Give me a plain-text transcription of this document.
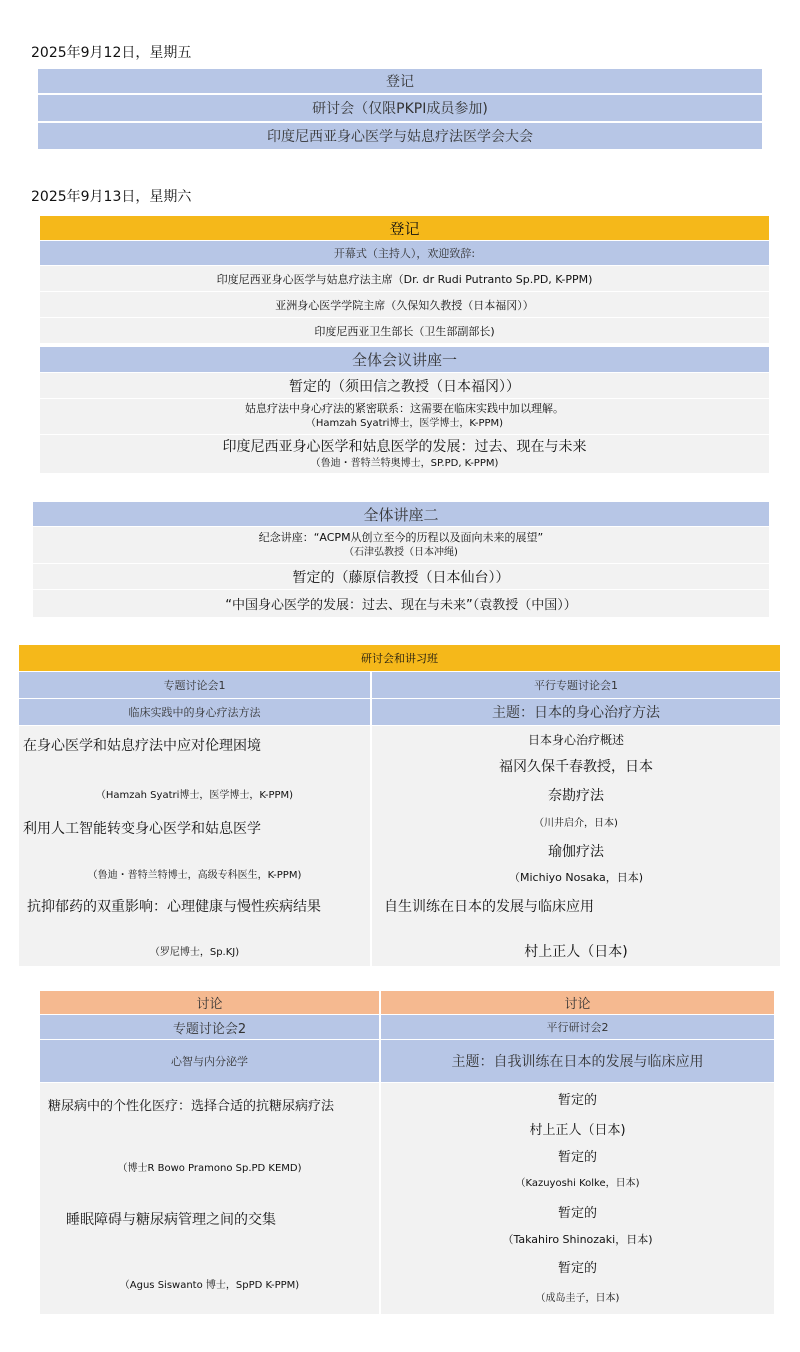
2025年9月12日，星期五
登记
研讨会（仅限PKPI成员参加)
印度尼西亚身心医学与姑息疗法医学会大会
2025年9月13日，星期六
登记
开幕式（主持人），欢迎致辞:
印度尼西亚身心医学与姑息疗法主席（Dr. dr Rudi Putranto Sp.PD, K-PPM)
亚洲身心医学学院主席（久保知久教授（日本福冈））
印度尼西亚卫生部长（卫生部副部长)
全体会议讲座一
暂定的（须田信之教授（日本福冈））
姑息疗法中身心疗法的紧密联系：这需要在临床实践中加以理解。
（Hamzah Syatri博士，医学博士，K-PPM)
印度尼西亚身心医学和姑息医学的发展：过去、现在与未来
（鲁迪・普特兰特奥博士，SP.PD, K-PPM)
全体讲座二
纪念讲座：“ACPM从创立至今的历程以及面向未来的展望”
（石津弘教授（日本冲绳)
暂定的（藤原信教授（日本仙台））
“中国身心医学的发展：过去、现在与未来”（袁教授（中国））
研讨会和讲习班
专题讨论会1
临床实践中的身心疗法方法
在身心医学和姑息疗法中应对伦理困境
（Hamzah Syatri博士，医学博士，K-PPM)
利用人工智能转变身心医学和姑息医学
（鲁迪・普特兰特博士，高级专科医生，K-PPM)
抗抑郁药的双重影响：心理健康与慢性疾病结果
（罗尼博士，Sp.KJ)
平行专题讨论会1
主题：日本的身心治疗方法
日本身心治疗概述
福冈久保千春教授，日本
奈勘疗法
（川井启介，日本)
瑜伽疗法
（Michiyo Nosaka，日本)
自生训练在日本的发展与临床应用
村上正人（日本)
讨论	讨论
专题讨论会2
心智与内分泌学
平行研讨会2
主题：自我训练在日本的发展与临床应用
糖尿病中的个性化医疗：选择合适的抗糖尿病疗法
（博士R Bowo Pramono Sp.PD KEMD)
睡眠障碍与糖尿病管理之间的交集
（Agus Siswanto 博士，SpPD K-PPM)
暂定的
村上正人（日本)
暂定的
（Kazuyoshi Kolke，日本)
暂定的
（Takahiro Shinozaki，日本)
暂定的
（成岛圭子，日本)
